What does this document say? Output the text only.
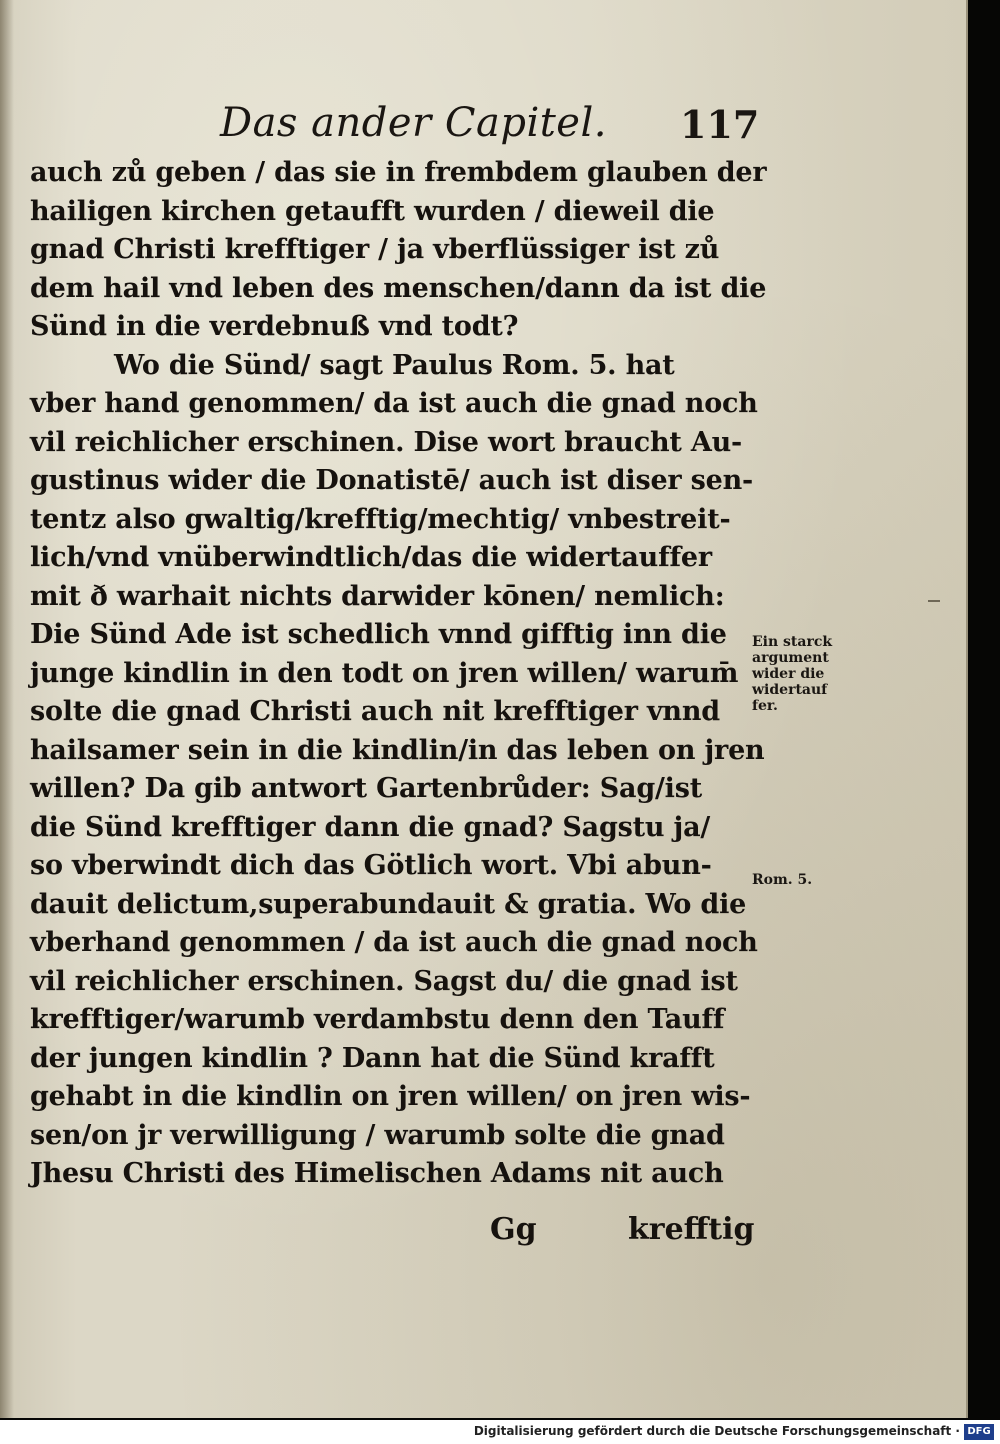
Das ander Capitel. 117
auch zů geben / das sie in frembdem glauben der
hailigen kirchen getaufft wurden / dieweil die
gnad Christi krefftiger / ja vberflüssiger ist zů
dem hail vnd leben des menschen/dann da ist die
Sünd in die verdebnuß vnd todt?
Wo die Sünd/ sagt Paulus Rom. 5. hat
vber hand genommen/ da ist auch die gnad noch
vil reichlicher erschinen. Dise wort braucht Au-
gustinus wider die Donatistē/ auch ist diser sen-
tentz also gwaltig/krefftig/mechtig/ vnbestreit-
lich/vnd vnüberwindtlich/das die widertauffer
mit ð warhait nichts darwider kōnen/ nemlich:
Die Sünd Ade ist schedlich vnnd gifftig inn die
junge kindlin in den todt on jren willen/ warum̄
solte die gnad Christi auch nit krefftiger vnnd
hailsamer sein in die kindlin/in das leben on jren
willen? Da gib antwort Gartenbrůder: Sag/ist
die Sünd krefftiger dann die gnad? Sagstu ja/
so vberwindt dich das Götlich wort. Vbi abun-
dauit delictum,superabundauit & gratia. Wo die
vberhand genommen / da ist auch die gnad noch
vil reichlicher erschinen. Sagst du/ die gnad ist
krefftiger/warumb verdambstu denn den Tauff
der jungen kindlin ? Dann hat die Sünd krafft
gehabt in die kindlin on jren willen/ on jren wis-
sen/on jr verwilligung / warumb solte die gnad
Jhesu Christi des Himelischen Adams nit auch
Ein starck
argument
wider die
widertauf
fer.
Rom. 5.
Gg	krefftig
Digitalisierung gefördert durch die Deutsche Forschungsgemeinschaft · DFG
